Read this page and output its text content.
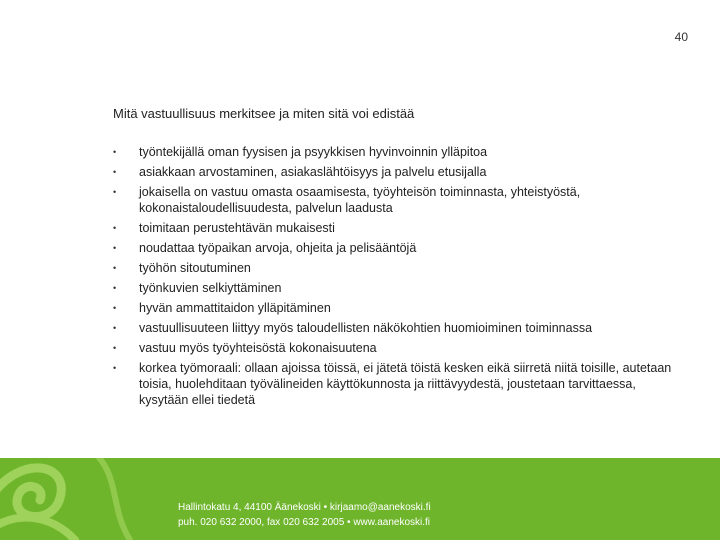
40
Mitä vastuullisuus merkitsee ja miten sitä voi edistää
• työntekijällä oman fyysisen ja psyykkisen hyvinvoinnin ylläpitoa
• asiakkaan arvostaminen, asiakaslähtöisyys ja palvelu etusijalla
• jokaisella on vastuu omasta osaamisesta, työyhteisön toiminnasta, yhteistyöstä, kokonaistaloudellisuudesta, palvelun laadusta
• toimitaan perustehtävän mukaisesti
• noudattaa työpaikan arvoja, ohjeita ja pelisääntöjä
• työhön sitoutuminen
• työnkuvien selkiyttäminen
• hyvän ammattitaidon ylläpitäminen
• vastuullisuuteen liittyy myös taloudellisten näkökohtien huomioiminen toiminnassa
• vastuu myös työyhteisöstä kokonaisuutena
• korkea työmoraali: ollaan ajoissa töissä, ei jätetä töistä kesken eikä siirretä niitä toisille, autetaan toisia, huolehditaan työvälineiden käyttökunnosta ja riittävyydestä, joustetaan tarvittaessa, kysytään ellei tiedetä
Hallintokatu 4, 44100 Äänekoski • kirjaamo@aanekoski.fi
puh. 020 632 2000, fax 020 632 2005 • www.aanekoski.fi
